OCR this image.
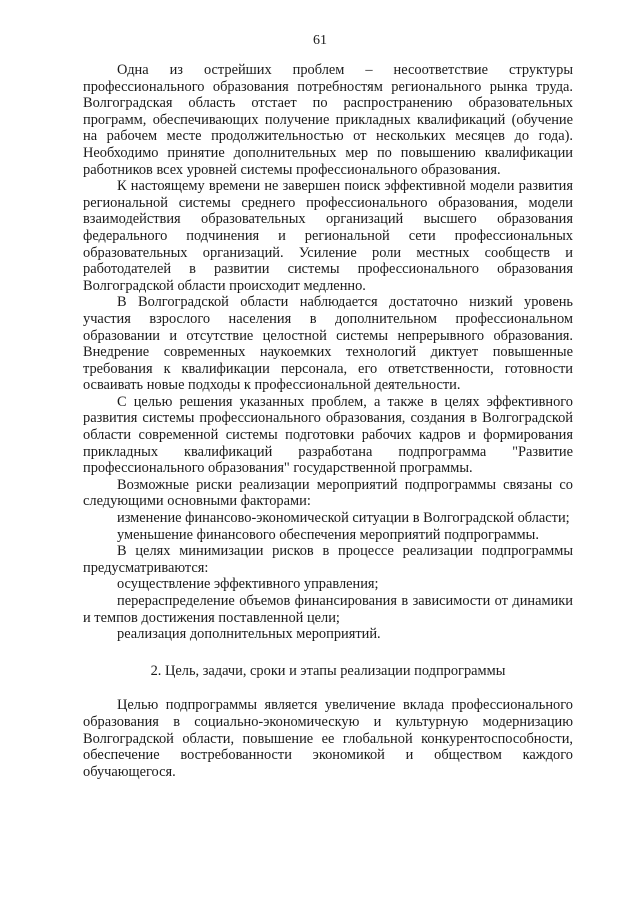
61

Одна из острейших проблем – несоответствие структуры профессионального образования потребностям регионального рынка труда. Волгоградская область отстает по распространению образовательных программ, обеспечивающих получение прикладных квалификаций (обучение на рабочем месте продолжительностью от нескольких месяцев до года). Необходимо принятие дополнительных мер по повышению квалификации работников всех уровней системы профессионального образования.

К настоящему времени не завершен поиск эффективной модели развития региональной системы среднего профессионального образования, модели взаимодействия образовательных организаций высшего образования федерального подчинения и региональной сети профессиональных образовательных организаций. Усиление роли местных сообществ и работодателей в развитии системы профессионального образования Волгоградской области происходит медленно.

В Волгоградской области наблюдается достаточно низкий уровень участия взрослого населения в дополнительном профессиональном образовании и отсутствие целостной системы непрерывного образования. Внедрение современных наукоемких технологий диктует повышенные требования к квалификации персонала, его ответственности, готовности осваивать новые подходы к профессиональной деятельности.

С целью решения указанных проблем, а также в целях эффективного развития системы профессионального образования, создания в Волгоградской области современной системы подготовки рабочих кадров и формирования прикладных квалификаций разработана подпрограмма "Развитие профессионального образования" государственной программы.

Возможные риски реализации мероприятий подпрограммы связаны со следующими основными факторами:

изменение финансово-экономической ситуации в Волгоградской области;

уменьшение финансового обеспечения мероприятий подпрограммы.

В целях минимизации рисков в процессе реализации подпрограммы предусматриваются:

осуществление эффективного управления;

перераспределение объемов финансирования в зависимости от динамики и темпов достижения поставленной цели;

реализация дополнительных мероприятий.

2. Цель, задачи, сроки и этапы реализации подпрограммы

Целью подпрограммы является увеличение вклада профессионального образования в социально-экономическую и культурную модернизацию Волгоградской области, повышение ее глобальной конкурентоспособности, обеспечение востребованности экономикой и обществом каждого обучающегося.
